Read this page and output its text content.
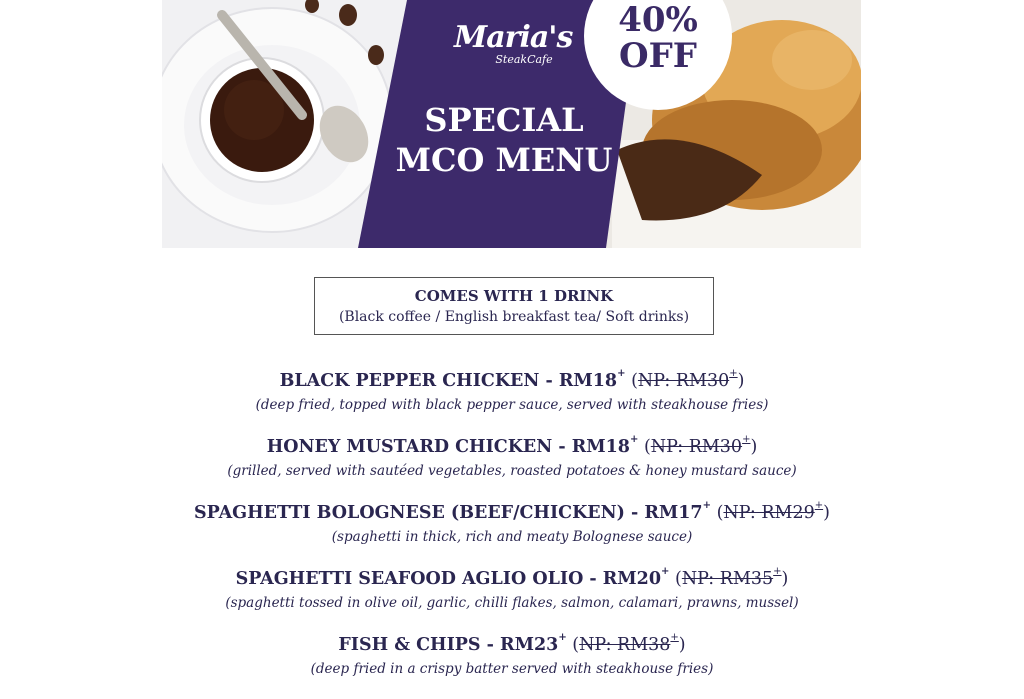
Maria's
SteakCafe
SPECIAL
MCO MENU
40%
OFF
COMES WITH 1 DRINK
(Black coffee / English breakfast tea/ Soft drinks)
BLACK PEPPER CHICKEN - RM18+ (NP: RM30+)
(deep fried, topped with black pepper sauce, served with steakhouse fries)
HONEY MUSTARD CHICKEN - RM18+ (NP: RM30+)
(grilled, served with sautéed vegetables, roasted potatoes & honey mustard sauce)
SPAGHETTI BOLOGNESE (BEEF/CHICKEN) - RM17+ (NP: RM29+)
(spaghetti in thick, rich and meaty Bolognese sauce)
SPAGHETTI SEAFOOD AGLIO OLIO - RM20+ (NP: RM35+)
(spaghetti tossed in olive oil, garlic, chilli flakes, salmon, calamari, prawns, mussel)
FISH & CHIPS - RM23+ (NP: RM38+)
(deep fried in a crispy batter served with steakhouse fries)
